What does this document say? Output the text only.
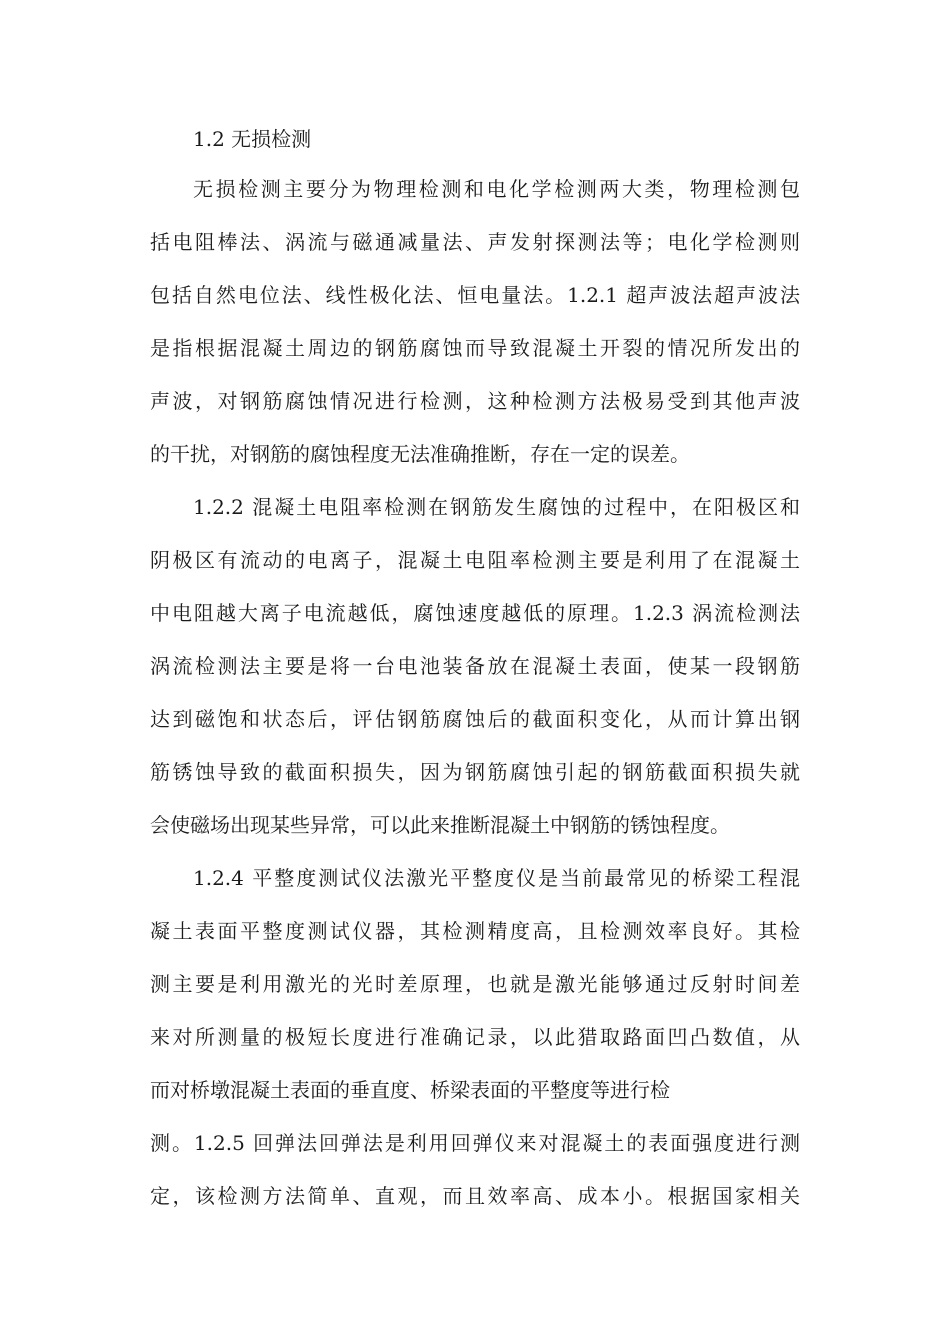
1.2 无损检测
无损检测主要分为物理检测和电化学检测两大类，物理检测包
括电阻棒法、涡流与磁通减量法、声发射探测法等；电化学检测则
包括自然电位法、线性极化法、恒电量法。1.2.1 超声波法超声波法
是指根据混凝土周边的钢筋腐蚀而导致混凝土开裂的情况所发出的
声波，对钢筋腐蚀情况进行检测，这种检测方法极易受到其他声波
的干扰，对钢筋的腐蚀程度无法准确推断，存在一定的误差。
1.2.2 混凝土电阻率检测在钢筋发生腐蚀的过程中，在阳极区和
阴极区有流动的电离子，混凝土电阻率检测主要是利用了在混凝土
中电阻越大离子电流越低，腐蚀速度越低的原理。1.2.3 涡流检测法
涡流检测法主要是将一台电池装备放在混凝土表面，使某一段钢筋
达到磁饱和状态后，评估钢筋腐蚀后的截面积变化，从而计算出钢
筋锈蚀导致的截面积损失，因为钢筋腐蚀引起的钢筋截面积损失就
会使磁场出现某些异常，可以此来推断混凝土中钢筋的锈蚀程度。
1.2.4 平整度测试仪法激光平整度仪是当前最常见的桥梁工程混
凝土表面平整度测试仪器，其检测精度高，且检测效率良好。其检
测主要是利用激光的光时差原理，也就是激光能够通过反射时间差
来对所测量的极短长度进行准确记录，以此猎取路面凹凸数值，从
而对桥墩混凝土表面的垂直度、桥梁表面的平整度等进行检
测。1.2.5 回弹法回弹法是利用回弹仪来对混凝土的表面强度进行测
定，该检测方法简单、直观，而且效率高、成本小。根据国家相关
